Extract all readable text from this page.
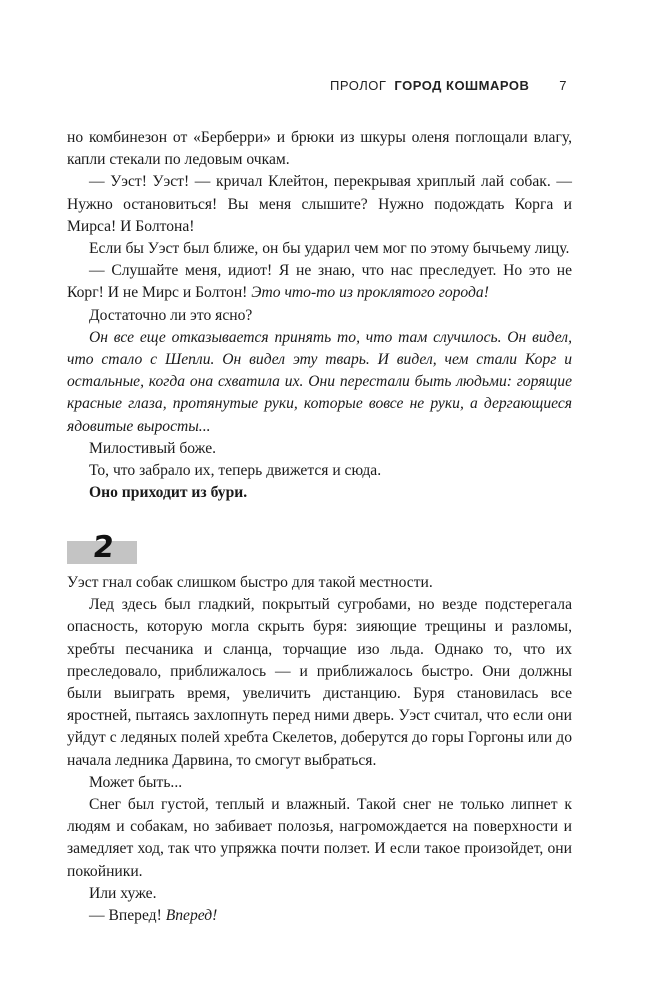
ПРОЛОГ ГОРОД КОШМАРОВ 7

но комбинезон от «Берберри» и брюки из шкуры оленя поглощали влагу, капли стекали по ледовым очкам.

— Уэст! Уэст! — кричал Клейтон, перекрывая хриплый лай собак. — Нужно остановиться! Вы меня слышите? Нужно подождать Корга и Мирса! И Болтона!

Если бы Уэст был ближе, он бы ударил чем мог по этому бычьему лицу.

— Слушайте меня, идиот! Я не знаю, что нас преследует. Но это не Корг! И не Мирс и Болтон! Это что-то из проклятого города!

Достаточно ли это ясно?

Он все еще отказывается принять то, что там случилось. Он видел, что стало с Шепли. Он видел эту тварь. И видел, чем стали Корг и остальные, когда она схватила их. Они перестали быть людьми: горящие красные глаза, протянутые руки, которые вовсе не руки, а дергающиеся ядовитые выросты...

Милостивый боже.

То, что забрало их, теперь движется и сюда.

Оно приходит из бури.

2

Уэст гнал собак слишком быстро для такой местности.

Лед здесь был гладкий, покрытый сугробами, но везде подстерегала опасность, которую могла скрыть буря: зияющие трещины и разломы, хребты песчаника и сланца, торчащие изо льда. Однако то, что их преследовало, приближалось — и приближалось быстро. Они должны были выиграть время, увеличить дистанцию. Буря становилась все яростней, пытаясь захлопнуть перед ними дверь. Уэст считал, что если они уйдут с ледяных полей хребта Скелетов, доберутся до горы Горгоны или до начала ледника Дарвина, то смогут выбраться.

Может быть...

Снег был густой, теплый и влажный. Такой снег не только липнет к людям и собакам, но забивает полозья, нагромождается на поверхности и замедляет ход, так что упряжка почти ползет. И если такое произойдет, они покойники.

Или хуже.

— Вперед! Вперед!
